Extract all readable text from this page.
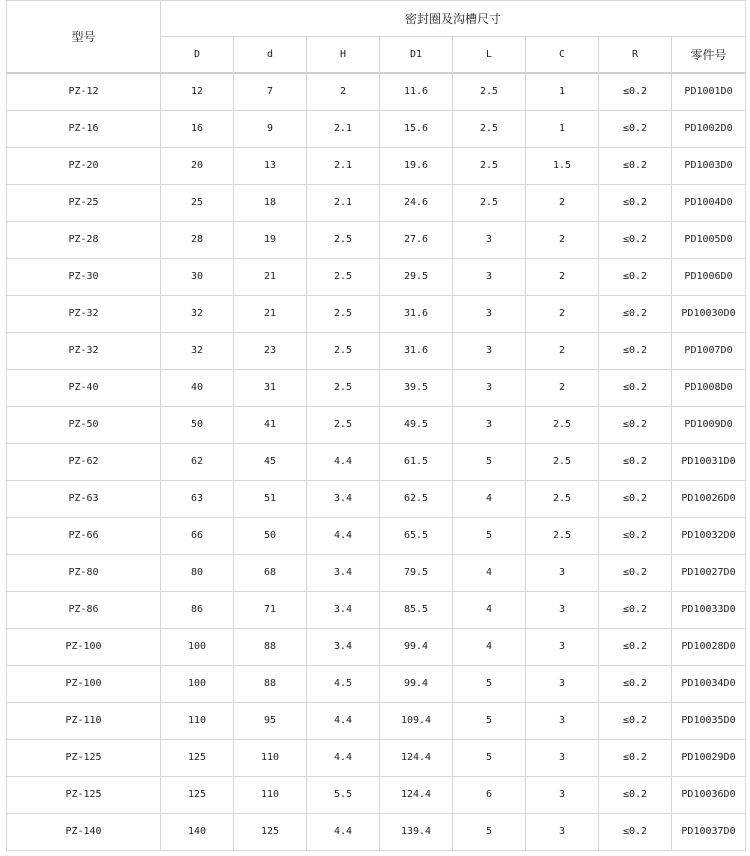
型号	密封圈及沟槽尺寸							
	D	d	H	D1	L	C	R	零件号
PZ-12	12	7	2	11.6	2.5	1	≤0.2	PD1001D0
PZ-16	16	9	2.1	15.6	2.5	1	≤0.2	PD1002D0
PZ-20	20	13	2.1	19.6	2.5	1.5	≤0.2	PD1003D0
PZ-25	25	18	2.1	24.6	2.5	2	≤0.2	PD1004D0
PZ-28	28	19	2.5	27.6	3	2	≤0.2	PD1005D0
PZ-30	30	21	2.5	29.5	3	2	≤0.2	PD1006D0
PZ-32	32	21	2.5	31.6	3	2	≤0.2	PD10030D0
PZ-32	32	23	2.5	31.6	3	2	≤0.2	PD1007D0
PZ-40	40	31	2.5	39.5	3	2	≤0.2	PD1008D0
PZ-50	50	41	2.5	49.5	3	2.5	≤0.2	PD1009D0
PZ-62	62	45	4.4	61.5	5	2.5	≤0.2	PD10031D0
PZ-63	63	51	3.4	62.5	4	2.5	≤0.2	PD10026D0
PZ-66	66	50	4.4	65.5	5	2.5	≤0.2	PD10032D0
PZ-80	80	68	3.4	79.5	4	3	≤0.2	PD10027D0
PZ-86	86	71	3.4	85.5	4	3	≤0.2	PD10033D0
PZ-100	100	88	3.4	99.4	4	3	≤0.2	PD10028D0
PZ-100	100	88	4.5	99.4	5	3	≤0.2	PD10034D0
PZ-110	110	95	4.4	109.4	5	3	≤0.2	PD10035D0
PZ-125	125	110	4.4	124.4	5	3	≤0.2	PD10029D0
PZ-125	125	110	5.5	124.4	6	3	≤0.2	PD10036D0
PZ-140	140	125	4.4	139.4	5	3	≤0.2	PD10037D0
